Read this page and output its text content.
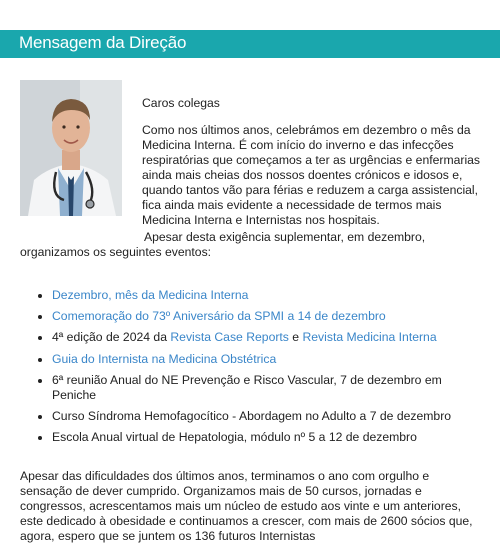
Mensagem da Direção

Caros colegas

Como nos últimos anos, celebrámos em dezembro o mês da Medicina Interna. É com início do inverno e das infecções respiratórias que começamos a ter as urgências e enfermarias ainda mais cheias dos nossos doentes crónicos e idosos e, quando tantos vão para férias e reduzem a carga assistencial, fica ainda mais evidente a necessidade de termos mais Medicina Interna e Internistas nos hospitais.

Apesar desta exigência suplementar, em dezembro, organizamos os seguintes eventos:

Dezembro, mês da Medicina Interna
Comemoração do 73º Aniversário da SPMI a 14 de dezembro
4ª edição de 2024 da Revista Case Reports e Revista Medicina Interna
Guia do Internista na Medicina Obstétrica
6ª reunião Anual do NE Prevenção e Risco Vascular, 7 de dezembro em Peniche
Curso Síndroma Hemofagocítico - Abordagem no Adulto a 7 de dezembro
Escola Anual virtual de Hepatologia, módulo nº 5 a 12 de dezembro

Apesar das dificuldades dos últimos anos, terminamos o ano com orgulho e sensação de dever cumprido. Organizamos mais de 50 cursos, jornadas e congressos, acrescentamos mais um núcleo de estudo aos vinte e um anteriores, este dedicado à obesidade e continuamos a crescer, com mais de 2600 sócios que, agora, espero que se juntem os 136 futuros Internistas
